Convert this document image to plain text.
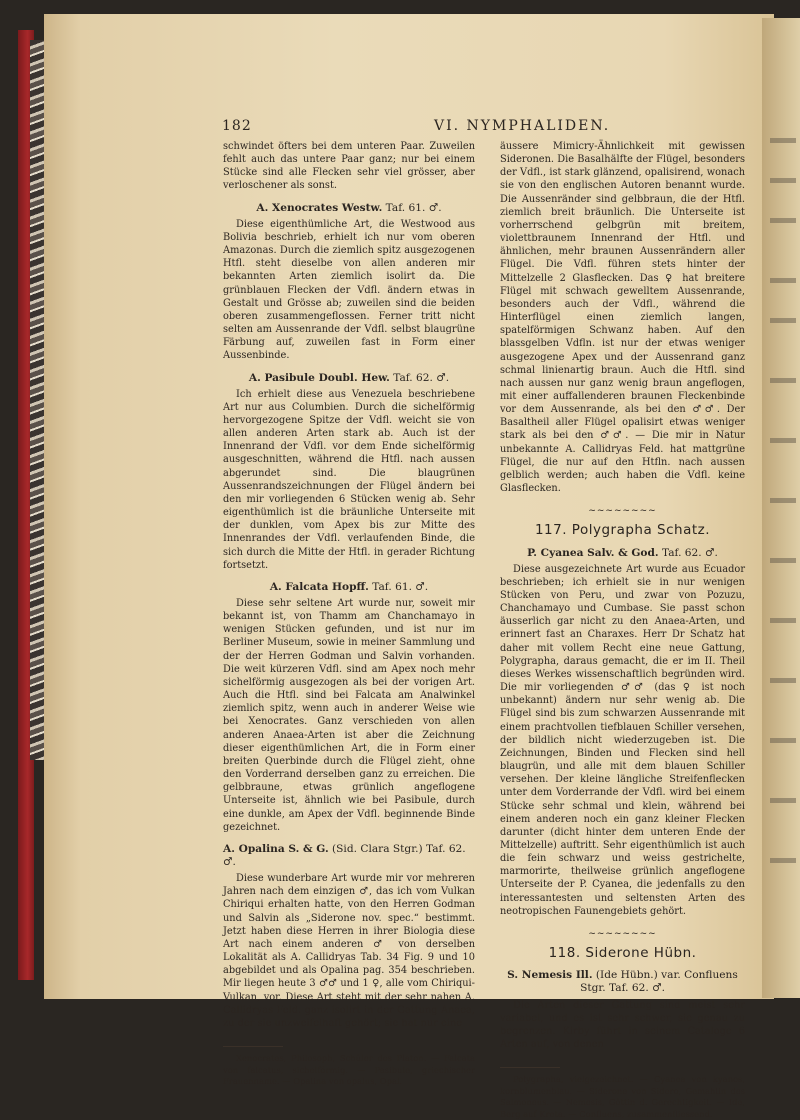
182	VI. NYMPHALIDEN.

schwindet öfters bei dem unteren Paar. Zuweilen fehlt auch das untere Paar ganz; nur bei einem Stücke sind alle Flecken sehr viel grösser, aber verloschener als sonst.

A. Xenocrates Westw. Taf. 61. ♂.

Diese eigenthümliche Art, die Westwood aus Bolivia beschrieb, erhielt ich nur vom oberen Amazonas. Durch die ziemlich spitz ausgezogenen Htfl. steht dieselbe von allen anderen mir bekannten Arten ziemlich isolirt da. Die grünblauen Flecken der Vdfl. ändern etwas in Gestalt und Grösse ab; zuweilen sind die beiden oberen zusammengeflossen. Ferner tritt nicht selten am Aussenrande der Vdfl. selbst blaugrüne Färbung auf, zuweilen fast in Form einer Aussenbinde.

A. Pasibule Doubl. Hew. Taf. 62. ♂.

Ich erhielt diese aus Venezuela beschriebene Art nur aus Columbien. Durch die sichelförmig hervorgezogene Spitze der Vdfl. weicht sie von allen anderen Arten stark ab. Auch ist der Innenrand der Vdfl. vor dem Ende sichelförmig ausgeschnitten, während die Htfl. nach aussen abgerundet sind. Die blaugrünen Aussenrandszeichnungen der Flügel ändern bei den mir vorliegenden 6 Stücken wenig ab. Sehr eigenthümlich ist die bräunliche Unterseite mit der dunklen, vom Apex bis zur Mitte des Innenrandes der Vdfl. verlaufenden Binde, die sich durch die Mitte der Htfl. in gerader Richtung fortsetzt.

A. Falcata Hopff. Taf. 61. ♂.

Diese sehr seltene Art wurde nur, soweit mir bekannt ist, von Thamm am Chanchamayo in wenigen Stücken gefunden, und ist nur im Berliner Museum, sowie in meiner Sammlung und der der Herren Godman und Salvin vorhanden. Die weit kürzeren Vdfl. sind am Apex noch mehr sichelförmig ausgezogen als bei der vorigen Art. Auch die Htfl. sind bei Falcata am Analwinkel ziemlich spitz, wenn auch in anderer Weise wie bei Xenocrates. Ganz verschieden von allen anderen Anaea-Arten ist aber die Zeichnung dieser eigenthümlichen Art, die in Form einer breiten Querbinde durch die Flügel zieht, ohne den Vorderrand derselben ganz zu erreichen. Die gelbbraune, etwas grünlich angeflogene Unterseite ist, ähnlich wie bei Pasibule, durch eine dunkle, am Apex der Vdfl. beginnende Binde gezeichnet.

A. Opalina S. & G. (Sid. Clara Stgr.) Taf. 62. ♂.

Diese wunderbare Art wurde mir vor mehreren Jahren nach dem einzigen ♂, das ich vom Vulkan Chiriqui erhalten hatte, von den Herren Godman und Salvin als „Siderone nov. spec.“ bestimmt. Jetzt haben diese Herren in ihrer Biologia diese Art nach einem anderen ♂ von derselben Lokalität als A. Callidryas Tab. 34 Fig. 9 und 10 abgebildet und als Opalina pag. 354 beschrieben. Mir liegen heute 3 ♂♂ und 1 ♀, alle vom Chiriqui-Vulkan, vor. Diese Art steht mit der sehr nahen A. Callidryas Feld. ganz isolirt in der Gattung Anaea, zu der sie unzweifelhaft gehört; sie hat nur eine

Xenocrates, Philosoph, Schüler des Platon. — Falcata von falcatus, sichelförmig. — Pasibule, griechischer Frauenname. — Opalina von opalus, Opal.

äussere Mimicry-Ähnlichkeit mit gewissen Sideronen. Die Basalhälfte der Flügel, besonders der Vdfl., ist stark glänzend, opalisirend, wonach sie von den englischen Autoren benannt wurde. Die Aussenränder sind gelbbraun, die der Htfl. ziemlich breit bräunlich. Die Unterseite ist vorherrschend gelbgrün mit breitem, violettbraunem Innenrand der Htfl. und ähnlichen, mehr braunen Aussenrändern aller Flügel. Die Vdfl. führen stets hinter der Mittelzelle 2 Glasflecken. Das ♀ hat breitere Flügel mit schwach gewelltem Aussenrande, besonders auch der Vdfl., während die Hinterflügel einen ziemlich langen, spatelförmigen Schwanz haben. Auf den blassgelben Vdfln. ist nur der etwas weniger ausgezogene Apex und der Aussenrand ganz schmal linienartig braun. Auch die Htfl. sind nach aussen nur ganz wenig braun angeflogen, mit einer auffallenderen braunen Fleckenbinde vor dem Aussenrande, als bei den ♂♂. Der Basaltheil aller Flügel opalisirt etwas weniger stark als bei den ♂♂. — Die mir in Natur unbekannte A. Callidryas Feld. hat mattgrüne Flügel, die nur auf den Htfln. nach aussen gelblich werden; auch haben die Vdfl. keine Glasflecken.

~~~~~~~~
117. Polygrapha Schatz.
P. Cyanea Salv. & God. Taf. 62. ♂.

Diese ausgezeichnete Art wurde aus Ecuador beschrieben; ich erhielt sie in nur wenigen Stücken von Peru, und zwar von Pozuzu, Chanchamayo und Cumbase. Sie passt schon äusserlich gar nicht zu den Anaea-Arten, und erinnert fast an Charaxes. Herr Dr Schatz hat daher mit vollem Recht eine neue Gattung, Polygrapha, daraus gemacht, die er im II. Theil dieses Werkes wissenschaftlich begründen wird. Die mir vorliegenden ♂♂ (das ♀ ist noch unbekannt) ändern nur sehr wenig ab. Die Flügel sind bis zum schwarzen Aussenrande mit einem prachtvollen tiefblauen Schiller versehen, der bildlich nicht wiederzugeben ist. Die Zeichnungen, Binden und Flecken sind hell blaugrün, und alle mit dem blauen Schiller versehen. Der kleine längliche Streifenflecken unter dem Vorderrande der Vdfl. wird bei einem Stücke sehr schmal und klein, während bei einem anderen noch ein ganz kleiner Flecken darunter (dicht hinter dem unteren Ende der Mittelzelle) auftritt. Sehr eigenthümlich ist auch die fein schwarz und weiss gestrichelte, marmorirte, theilweise grünlich angeflogene Unterseite der P. Cyanea, die jedenfalls zu den interessantesten und seltensten Arten des neotropischen Faunengebiets gehört.

~~~~~~~~
118. Siderone Hübn.
S. Nemesis Ill. (Ide Hübn.) var. Confluens Stgr. Taf. 62. ♂.

Die Arten dieser Gattung sind meist sehr variabel, und es ist sehr schwer, sie genau zu begrenzen. Kirby führt in seinem Cataloge 6 Arten auf, von denen

Polygrapha, vielgezeichnet. — Cyanea von kyanos, kornblumenblau. — Siderone von Sidero, Gemahlin des Salmoneus. — Nemesis, Göttin d. Gerechtigkeit. — Ide, Berg auf Kreta. — Confluens, zusammenfliessend.
